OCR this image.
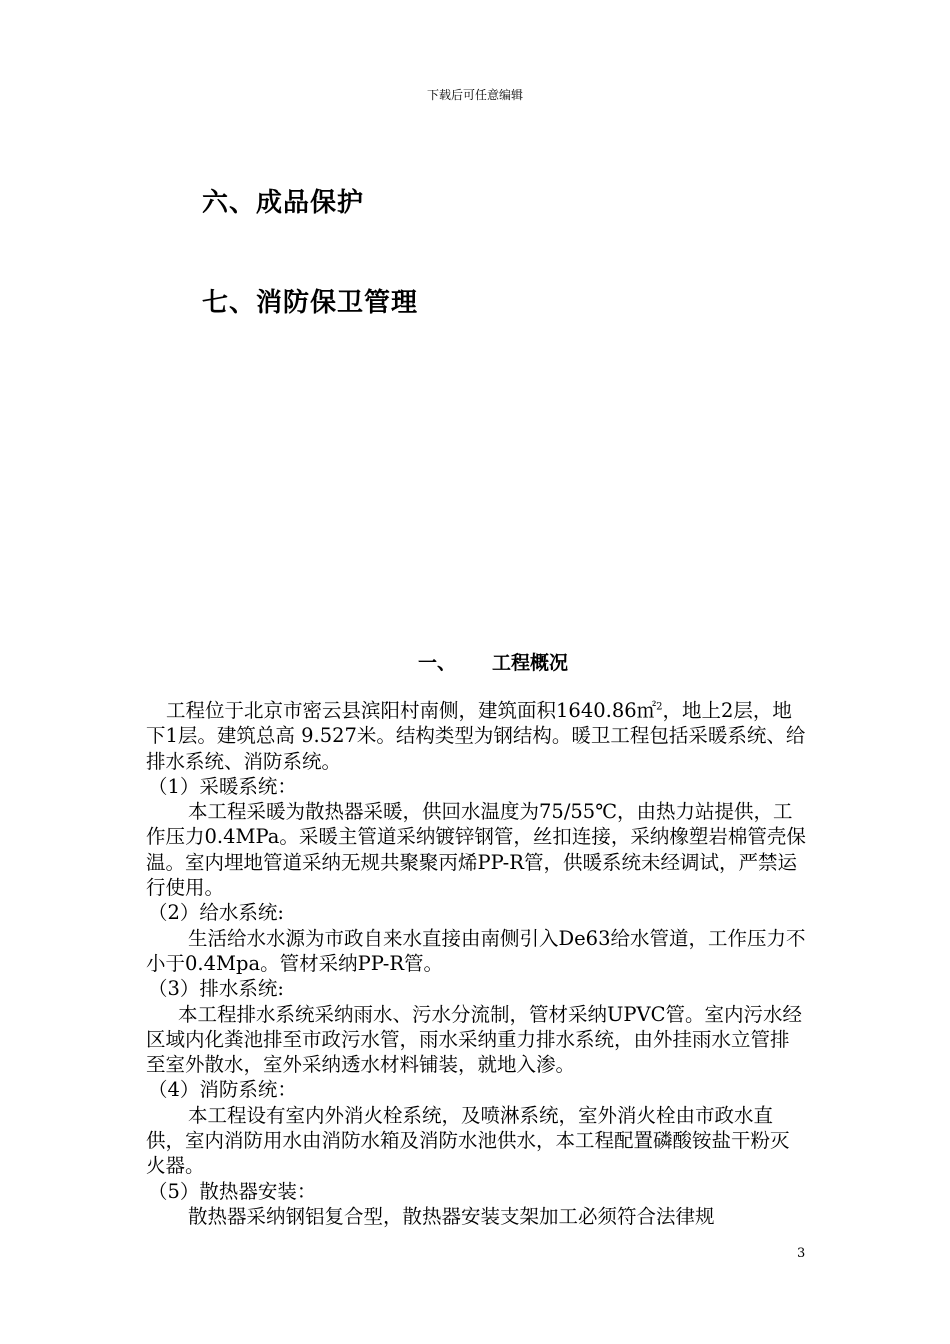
下载后可任意编辑
六、成品保护
七、消防保卫管理
一、 工程概况

工程位于北京市密云县滨阳村南侧，建筑面积1640.86㎡$^2$，地上2层，地下1层。建筑总高 9.527米。结构类型为钢结构。暖卫工程包括采暖系统、给排水系统、消防系统。

（1）采暖系统：

本工程采暖为散热器采暖，供回水温度为75/55℃，由热力站提供，工作压力0.4MPa。采暖主管道采纳镀锌钢管，丝扣连接，采纳橡塑岩棉管壳保温。室内埋地管道采纳无规共聚聚丙烯PP-R管，供暖系统未经调试，严禁运行使用。

（2）给水系统:

生活给水水源为市政自来水直接由南侧引入De63给水管道，工作压力不小于0.4Mpa。管材采纳PP-R管。

（3）排水系统:

本工程排水系统采纳雨水、污水分流制，管材采纳UPVC管。室内污水经区域内化粪池排至市政污水管，雨水采纳重力排水系统，由外挂雨水立管排至室外散水，室外采纳透水材料铺装，就地入渗。

（4）消防系统：

本工程设有室内外消火栓系统，及喷淋系统，室外消火栓由市政水直供，室内消防用水由消防水箱及消防水池供水，本工程配置磷酸铵盐干粉灭火器。

（5）散热器安装：

散热器采纳钢铝复合型，散热器安装支架加工必须符合法律规

3
